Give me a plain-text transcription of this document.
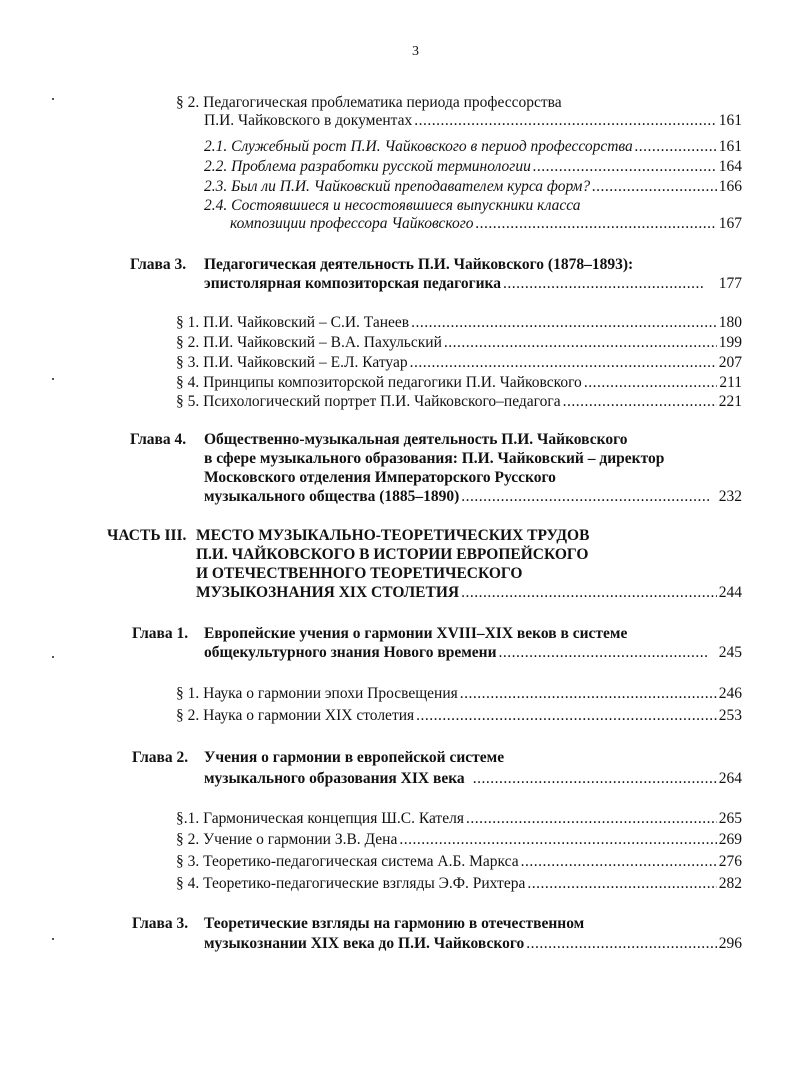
3
§ 2. Педагогическая проблематика периода профессорства
П.И. Чайковского в документах .....	161
2.1. Служебный рост П.И. Чайковского в период профессорства .....	161
2.2. Проблема разработки русской терминологии .....	164
2.3. Был ли П.И. Чайковский преподавателем курса форм? .....	166
2.4. Состоявшиеся и несостоявшиеся выпускники класса
композиции профессора Чайковского .....	167
Глава 3. Педагогическая деятельность П.И. Чайковского (1878–1893):
эпистолярная композиторская педагогика .....	177
§ 1. П.И. Чайковский – С.И. Танеев .....	180
§ 2. П.И. Чайковский – В.А. Пахульский .....	199
§ 3. П.И. Чайковский – Е.Л. Катуар .....	207
§ 4. Принципы композиторской педагогики П.И. Чайковского .....	211
§ 5. Психологический портрет П.И. Чайковского–педагога .....	221
Глава 4. Общественно-музыкальная деятельность П.И. Чайковского
в сфере музыкального образования: П.И. Чайковский – директор
Московского отделения Императорского Русского
музыкального общества (1885–1890) .....	232
ЧАСТЬ III. МЕСТО МУЗЫКАЛЬНО-ТЕОРЕТИЧЕСКИХ ТРУДОВ
П.И. ЧАЙКОВСКОГО В ИСТОРИИ ЕВРОПЕЙСКОГО
И ОТЕЧЕСТВЕННОГО ТЕОРЕТИЧЕСКОГО
МУЗЫКОЗНАНИЯ XIX СТОЛЕТИЯ .....	244
Глава 1. Европейские учения о гармонии XVIII–XIX веков в системе
общекультурного знания Нового времени .....	245
§ 1. Наука о гармонии эпохи Просвещения .....	246
§ 2. Наука о гармонии XIX столетия .....	253
Глава 2. Учения о гармонии в европейской системе
музыкального образования XIX века .....	264
§.1. Гармоническая концепция Ш.С. Кателя .....	265
§ 2. Учение о гармонии З.В. Дена .....	269
§ 3. Теоретико-педагогическая система А.Б. Маркса .....	276
§ 4. Теоретико-педагогические взгляды Э.Ф. Рихтера .....	282
Глава 3. Теоретические взгляды на гармонию в отечественном
музыкознании XIX века до П.И. Чайковского .....	296
